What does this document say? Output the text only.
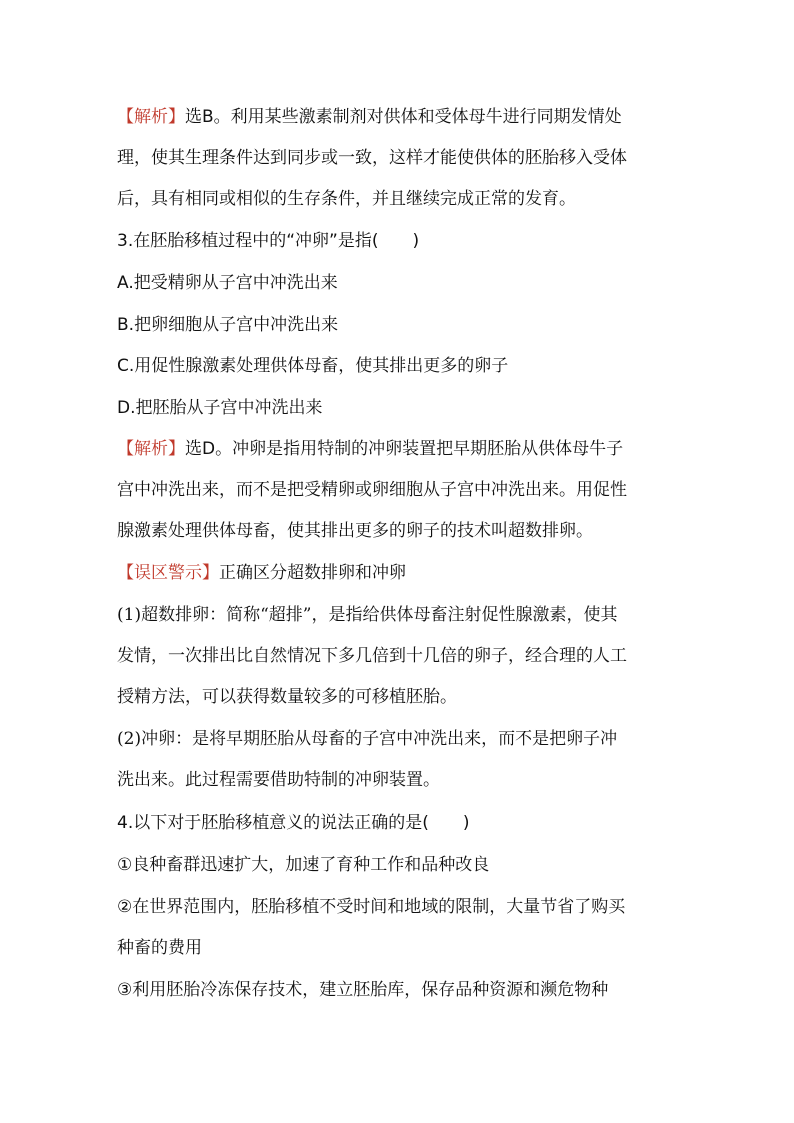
【解析】选B。利用某些激素制剂对供体和受体母牛进行同期发情处
理，使其生理条件达到同步或一致，这样才能使供体的胚胎移入受体
后，具有相同或相似的生存条件，并且继续完成正常的发育。
3.在胚胎移植过程中的“冲卵”是指(　　)
A.把受精卵从子宫中冲洗出来
B.把卵细胞从子宫中冲洗出来
C.用促性腺激素处理供体母畜，使其排出更多的卵子
D.把胚胎从子宫中冲洗出来
【解析】选D。冲卵是指用特制的冲卵装置把早期胚胎从供体母牛子
宫中冲洗出来，而不是把受精卵或卵细胞从子宫中冲洗出来。用促性
腺激素处理供体母畜，使其排出更多的卵子的技术叫超数排卵。
【误区警示】正确区分超数排卵和冲卵
(1)超数排卵：简称“超排”，是指给供体母畜注射促性腺激素，使其
发情，一次排出比自然情况下多几倍到十几倍的卵子，经合理的人工
授精方法，可以获得数量较多的可移植胚胎。
(2)冲卵：是将早期胚胎从母畜的子宫中冲洗出来，而不是把卵子冲
洗出来。此过程需要借助特制的冲卵装置。
4.以下对于胚胎移植意义的说法正确的是(　　)
①良种畜群迅速扩大，加速了育种工作和品种改良
②在世界范围内，胚胎移植不受时间和地域的限制，大量节省了购买
种畜的费用
③利用胚胎冷冻保存技术，建立胚胎库，保存品种资源和濒危物种
